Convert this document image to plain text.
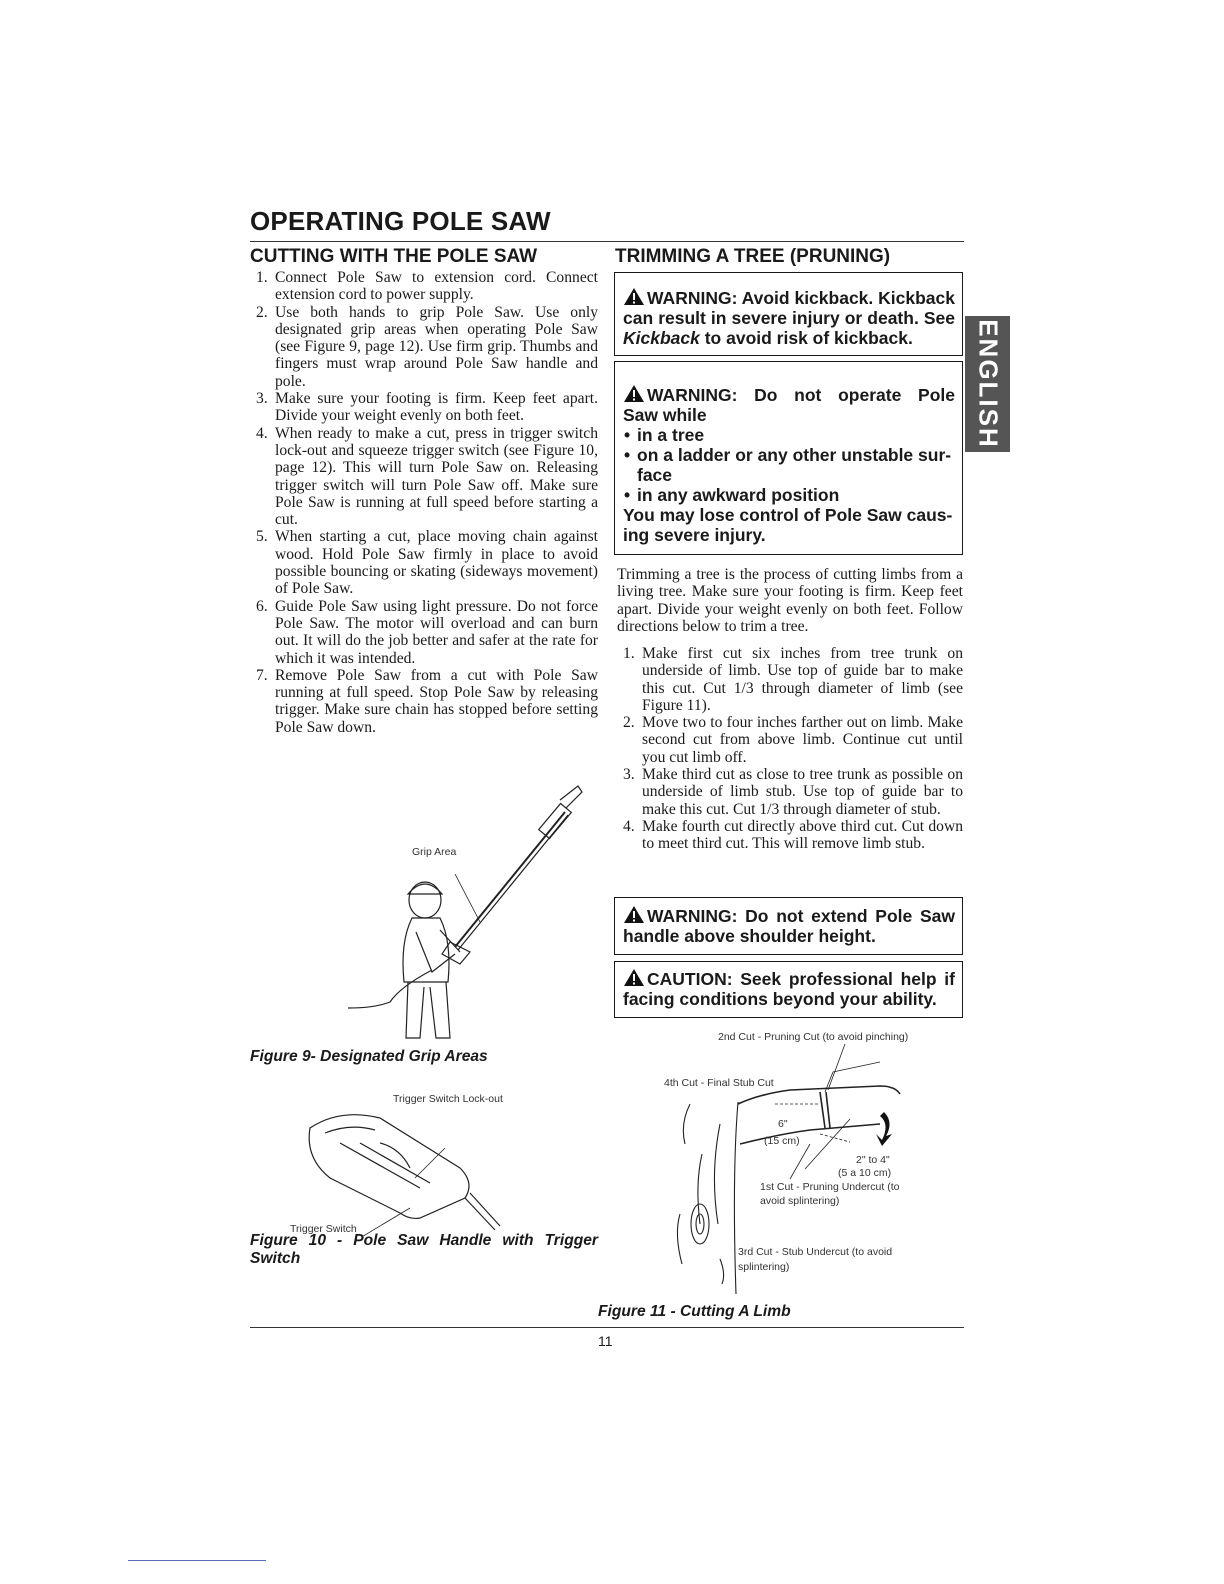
OPERATING POLE SAW
CUTTING WITH THE POLE SAW
1. Connect Pole Saw to extension cord. Connect extension cord to power supply.
2. Use both hands to grip Pole Saw. Use only designated grip areas when operating Pole Saw (see Figure 9, page 12). Use firm grip. Thumbs and fingers must wrap around Pole Saw handle and pole.
3. Make sure your footing is firm. Keep feet apart. Divide your weight evenly on both feet.
4. When ready to make a cut, press in trigger switch lock-out and squeeze trigger switch (see Figure 10, page 12). This will turn Pole Saw on. Releasing trigger switch will turn Pole Saw off. Make sure Pole Saw is running at full speed before starting a cut.
5. When starting a cut, place moving chain against wood. Hold Pole Saw firmly in place to avoid possible bouncing or skating (sideways movement) of Pole Saw.
6. Guide Pole Saw using light pressure. Do not force Pole Saw. The motor will overload and can burn out. It will do the job better and safer at the rate for which it was intended.
7. Remove Pole Saw from a cut with Pole Saw running at full speed. Stop Pole Saw by releasing trigger. Make sure chain has stopped before setting Pole Saw down.
Grip Area
Figure 9- Designated Grip Areas
Trigger Switch Lock-out
Trigger Switch
Figure 10 - Pole Saw Handle with Trigger
Switch
TRIMMING A TREE (PRUNING)
WARNING: Avoid kickback. Kickback
can result in severe injury or death. See
Kickback to avoid risk of kickback.
WARNING: Do not operate Pole
Saw while
• in a tree
• on a ladder or any other unstable sur-
face
• in any awkward position
You may lose control of Pole Saw caus-
ing severe injury.
Trimming a tree is the process of cutting limbs from a living tree. Make sure your footing is firm. Keep feet apart. Divide your weight evenly on both feet. Follow directions below to trim a tree.
1. Make first cut six inches from tree trunk on underside of limb. Use top of guide bar to make this cut. Cut 1/3 through diameter of limb (see Figure 11).
2. Move two to four inches farther out on limb. Make second cut from above limb. Continue cut until you cut limb off.
3. Make third cut as close to tree trunk as possible on underside of limb stub. Use top of guide bar to make this cut. Cut 1/3 through diameter of stub.
4. Make fourth cut directly above third cut. Cut down to meet third cut. This will remove limb stub.
WARNING: Do not extend Pole Saw
handle above shoulder height.
CAUTION: Seek professional help if
facing conditions beyond your ability.
2nd Cut - Pruning Cut (to avoid pinching)
4th Cut - Final Stub Cut
6"
(15 cm)
2" to 4"
(5 a 10 cm)
1st Cut - Pruning Undercut (to
avoid splintering)
3rd Cut - Stub Undercut (to avoid
splintering)
Figure 11 - Cutting A Limb
ENGLISH
11
